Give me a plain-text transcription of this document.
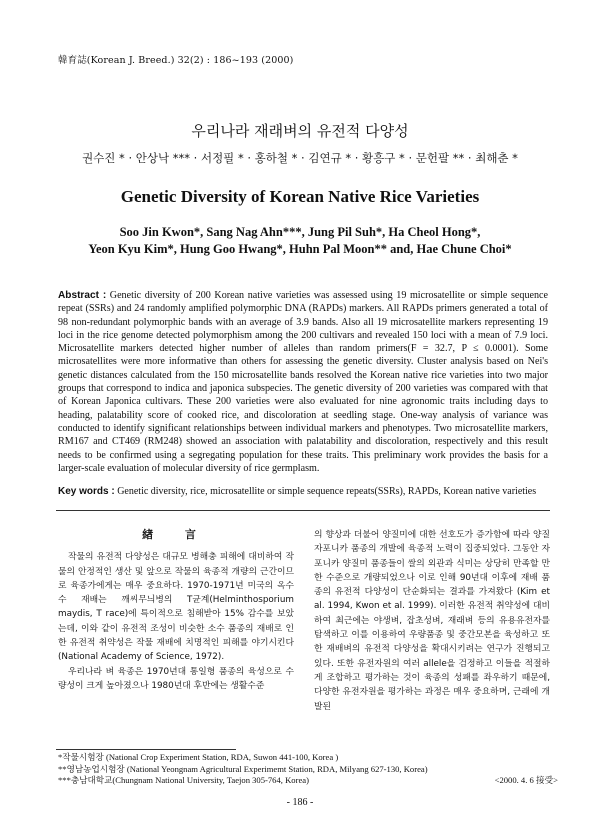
韓育誌(Korean J. Breed.) 32(2) : 186~193 (2000)
우리나라 재래벼의 유전적 다양성
권수진 * · 안상낙 *** · 서정필 * · 홍하철 * · 김연규 * · 황흥구 * · 문헌팔 ** · 최해춘 *
Genetic Diversity of Korean Native Rice Varieties
Soo Jin Kwon*, Sang Nag Ahn***, Jung Pil Suh*, Ha Cheol Hong*,
Yeon Kyu Kim*, Hung Goo Hwang*, Huhn Pal Moon** and, Hae Chune Choi*
Abstract : Genetic diversity of 200 Korean native varieties was assessed using 19 microsatellite or simple sequence repeat (SSRs) and 24 randomly amplified polymorphic DNA (RAPDs) markers. All RAPDs primers generated a total of 98 non-redundant polymorphic bands with an average of 3.9 bands. Also all 19 microsatellite markers representing 19 loci in the rice genome detected polymorphism among the 200 cultivars and revealed 150 loci with a mean of 7.9 loci. Microsatellite markers detected higher number of alleles than random primers(F = 32.7, P ≤ 0.0001). Some microsatellites were more informative than others for assessing the genetic diversity. Cluster analysis based on Nei's genetic distances calculated from the 150 microsatellite bands resolved the Korean native rice varieties into two major groups that correspond to indica and japonica subspecies. The genetic diversity of 200 varieties was compared with that of Korean Japonica cultivars. These 200 varieties were also evaluated for nine agronomic traits including days to heading, palatability score of cooked rice, and discoloration at seedling stage. One-way analysis of variance was conducted to identify significant relationships between individual markers and phenotypes. Two microsatellite markers, RM167 and CT469 (RM248) showed an association with palatability and discoloration, respectively and this result needs to be confirmed using a segregating population for these traits. This preliminary work provides the basis for a larger-scale evaluation of molecular diversity of rice germplasm.
Key words : Genetic diversity, rice, microsatellite or simple sequence repeats(SSRs), RAPDs, Korean native varieties

緖 言

작물의 유전적 다양성은 대규모 병해충 피해에 대비하여 작물의 안정적인 생산 및 앞으로 작물의 육종적 개량의 근간이므로 육종가에게는 매우 중요하다. 1970-1971년 미국의 옥수수 재배는 깨씨무늬병의 T균계(Helminthosporium maydis, T race)에 특이적으로 침해받아 15% 감수를 보았는데, 이와 같이 유전적 조성이 비슷한 소수 품종의 재배로 인한 유전적 취약성은 작물 재배에 치명적인 피해를 야기시킨다 (National Academy of Science, 1972).

우리나라 벼 육종은 1970년대 통일형 품종의 육성으로 수량성이 크게 높아졌으나 1980년대 후반에는 생활수준

의 향상과 더불어 양질미에 대한 선호도가 증가함에 따라 양질 자포니카 품종의 개발에 육종적 노력이 집중되었다. 그동안 자포니카 양질미 품종들이 쌀의 외관과 식미는 상당히 만족할 만한 수준으로 개량되었으나 이로 인해 90년대 이후에 재배 품종의 유전적 다양성이 단순화되는 결과를 가져왔다 (Kim et al. 1994, Kwon et al. 1999). 이러한 유전적 취약성에 대비하여 최근에는 야생벼, 잡초성벼, 재래벼 등의 유용유전자를 탐색하고 이를 이용하여 우량품종 및 중간모본을 육성하고 또한 재배벼의 유전적 다양성을 확대시키려는 연구가 진행되고 있다. 또한 유전자원의 여러 allele을 검정하고 이들을 적절하게 조합하고 평가하는 것이 육종의 성패를 좌우하기 때문에, 다양한 유전자원을 평가하는 과정은 매우 중요하며, 근래에 개발된

*작물시험장 (National Crop Experiment Station, RDA, Suwon 441-100, Korea )
**영남농업시험장 (National Yeongnam Agricultural Experimemt Station, RDA, Milyang 627-130, Korea)
***충남대학교(Chungnam National University, Taejon 305-764, Korea)	<2000. 4. 6 接受>
- 186 -
